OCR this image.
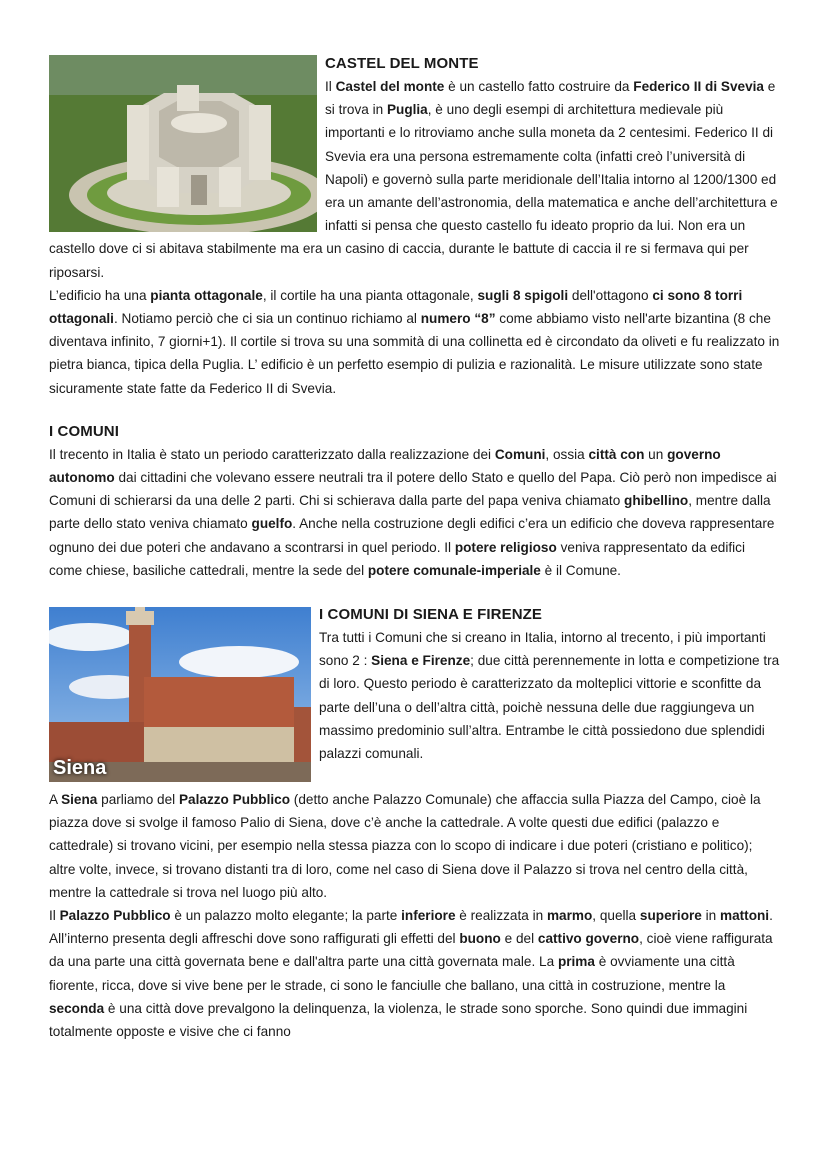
CASTEL DEL MONTE

Il Castel del monte è un castello fatto costruire da Federico II di Svevia e si trova in Puglia, è uno degli esempi di architettura medievale più importanti e lo ritroviamo anche sulla moneta da 2 centesimi. Federico II di Svevia era una persona estremamente colta (infatti creò l’università di Napoli) e governò sulla parte meridionale dell’Italia intorno al 1200/1300 ed era un amante dell’astronomia, della matematica e anche dell’architettura e infatti si pensa che questo castello fu ideato proprio da lui. Non era un castello dove ci si abitava stabilmente ma era un casino di caccia, durante le battute di caccia il re si fermava qui per riposarsi.

L’edificio ha una pianta ottagonale, il cortile ha una pianta ottagonale, sugli 8 spigoli dell'ottagono ci sono 8 torri ottagonali. Notiamo perciò che ci sia un continuo richiamo al numero “8” come abbiamo visto nell'arte bizantina (8 che diventava infinito, 7 giorni+1). Il cortile si trova su una sommità di una collinetta ed è circondato da oliveti e fu realizzato in pietra bianca, tipica della Puglia. L’ edificio è un perfetto esempio di pulizia e razionalità. Le misure utilizzate sono state sicuramente state fatte da Federico II di Svevia.

I COMUNI

Il trecento in Italia è stato un periodo caratterizzato dalla realizzazione dei Comuni, ossia città con un governo autonomo dai cittadini che volevano essere neutrali tra il potere dello Stato e quello del Papa. Ciò però non impedisce ai Comuni di schierarsi da una delle 2 parti. Chi si schierava dalla parte del papa veniva chiamato ghibellino, mentre dalla parte dello stato veniva chiamato guelfo. Anche nella costruzione degli edifici c’era un edificio che doveva rappresentare ognuno dei due poteri che andavano a scontrarsi in quel periodo. Il potere religioso veniva rappresentato da edifici come chiese, basiliche cattedrali, mentre la sede del potere comunale-imperiale è il Comune.

Siena
I COMUNI DI SIENA E FIRENZE

Tra tutti i Comuni che si creano in Italia, intorno al trecento, i più importanti sono 2 : Siena e Firenze; due città perennemente in lotta e competizione tra di loro. Questo periodo è caratterizzato da molteplici vittorie e sconfitte da parte dell’una o dell’altra città, poichè nessuna delle due raggiungeva un massimo predominio sull’altra. Entrambe le città possiedono due splendidi palazzi comunali.

A Siena parliamo del Palazzo Pubblico (detto anche Palazzo Comunale) che affaccia sulla Piazza del Campo, cioè la piazza dove si svolge il famoso Palio di Siena, dove c’è anche la cattedrale. A volte questi due edifici (palazzo e cattedrale) si trovano vicini, per esempio nella stessa piazza con lo scopo di indicare i due poteri (cristiano e politico); altre volte, invece, si trovano distanti tra di loro, come nel caso di Siena dove il Palazzo si trova nel centro della città, mentre la cattedrale si trova nel luogo più alto.

Il Palazzo Pubblico è un palazzo molto elegante; la parte inferiore è realizzata in marmo, quella superiore in mattoni. All’interno presenta degli affreschi dove sono raffigurati gli effetti del buono e del cattivo governo, cioè viene raffigurata da una parte una città governata bene e dall'altra parte una città governata male. La prima è ovviamente una città fiorente, ricca, dove si vive bene per le strade, ci sono le fanciulle che ballano, una città in costruzione, mentre la seconda è una città dove prevalgono la delinquenza, la violenza, le strade sono sporche. Sono quindi due immagini totalmente opposte e visive che ci fanno
